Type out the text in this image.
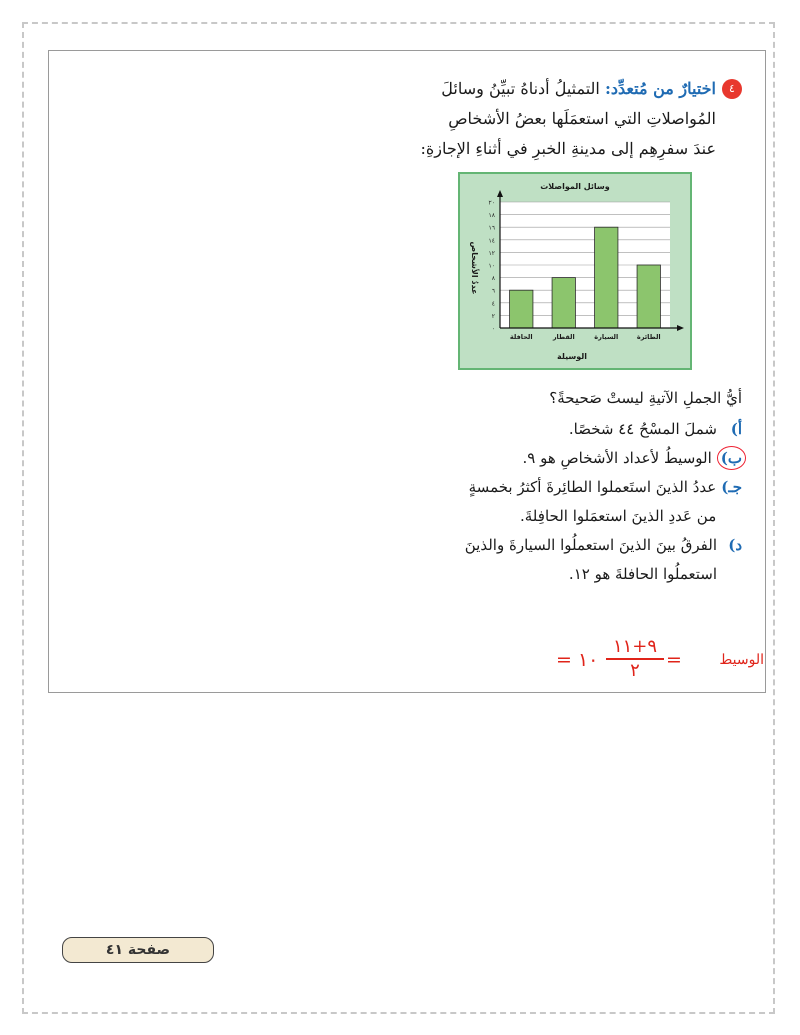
٤
اختيارٌ من مُتعدِّد: التمثيلُ أدناهُ تبيِّنُ وسائلَ
المُواصلاتِ التي استعمَلَها بعضُ الأشخاصِ
عندَ سفرِهِم إلى مدينةِ الخبرِ في أثناءِ الإجازةِ:
وسائل المواصلات
الوسيلة
عددُ الأشخاص
٠
٢
٤
٦
٨
١٠
١٢
١٤
١٦
١٨
٢٠
الحافلة	القطار	السيارة	الطائرة
أيُّ الجملِ الآتيةِ ليستْ صَحيحةً؟
أ)
شملَ المسْحُ ٤٤ شخصًا.
ب)
الوسيطُ لأعداد الأشخاصِ هو ٩.
جـ)
عددُ الذينَ استَعملوا الطائِرةَ أكثرُ بخمسةٍ
من عَددِ الذينَ استعمَلوا الحافِلةَ.
د)
الفرقُ بينَ الذينَ استعملُوا السيارةَ والذينَ
استعملُوا الحافلةَ هو ١٢.
= ١٠
٩+١١
٢	=	الوسيط
صفحة ٤١
